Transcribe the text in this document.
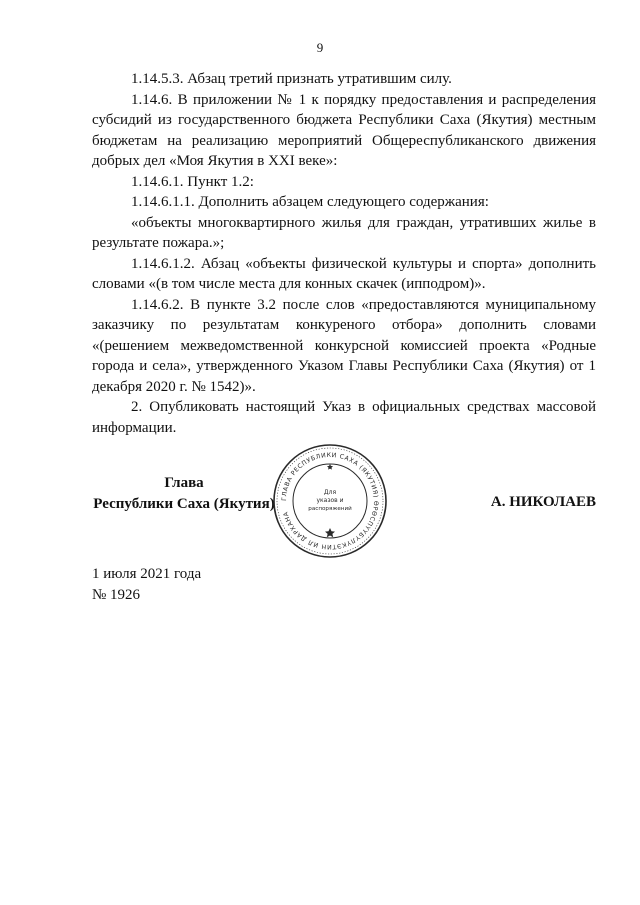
9

1.14.5.3. Абзац третий признать утратившим силу.

1.14.6. В приложении № 1 к порядку предоставления и распределения субсидий из государственного бюджета Республики Саха (Якутия) местным бюджетам на реализацию мероприятий Общереспубликанского движения добрых дел «Моя Якутия в XXI веке»:

1.14.6.1. Пункт 1.2:

1.14.6.1.1. Дополнить абзацем следующего содержания:

«объекты многоквартирного жилья для граждан, утративших жилье в результате пожара.»;

1.14.6.1.2. Абзац «объекты физической культуры и спорта» дополнить словами «(в том числе места для конных скачек (ипподром)».

1.14.6.2. В пункте 3.2 после слов «предоставляются муниципальному заказчику по результатам конкуреного отбора» дополнить словами «(решением межведомственной конкурсной комиссией проекта «Родные города и села», утвержденного Указом Главы Республики Саха (Якутия) от 1 декабря 2020 г. № 1542)».

2. Опубликовать настоящий Указ в официальных средствах массовой информации.

Глава
Республики Саха (Якутия) ГЛАВА РЕСПУБЛИКИ САХА (ЯКУТИЯ) ӨРӨСПҮҮБҮЛҮКЭТИН ИЛ ДАРХАНА
Для
указов и
распоряжений	А. НИКОЛАЕВ
1 июля 2021 года
№ 1926
